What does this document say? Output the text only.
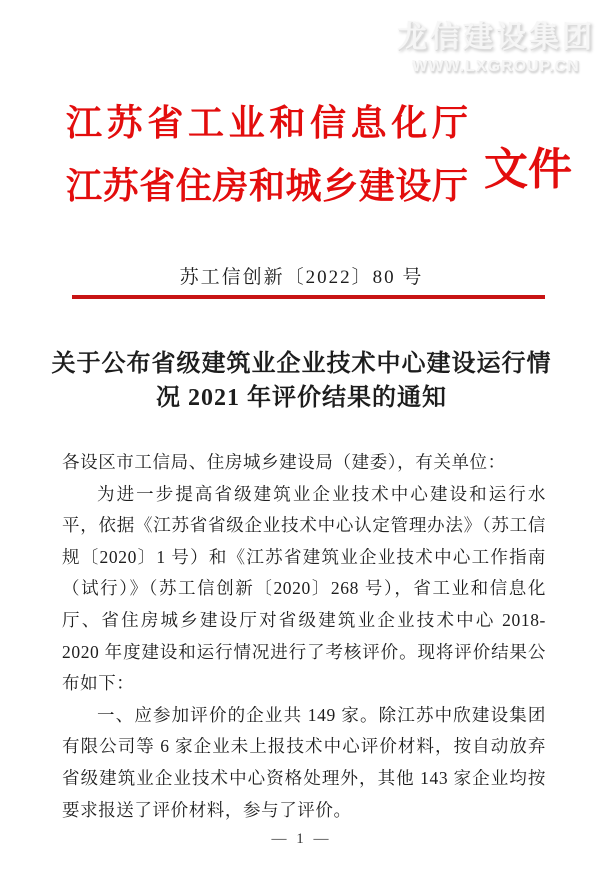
龙信建设集团
WWW.LXGROUP.CN
江苏省工业和信息化厅
江苏省住房和城乡建设厅 文件
苏工信创新〔2022〕80 号
关于公布省级建筑业企业技术中心建设运行情
况 2021 年评价结果的通知

各设区市工信局、住房城乡建设局（建委），有关单位：

为进一步提高省级建筑业企业技术中心建设和运行水平，依据《江苏省省级企业技术中心认定管理办法》（苏工信规〔2020〕1 号）和《江苏省建筑业企业技术中心工作指南（试行）》（苏工信创新〔2020〕268 号），省工业和信息化厅、省住房城乡建设厅对省级建筑业企业技术中心 2018-2020 年度建设和运行情况进行了考核评价。现将评价结果公布如下：

一、应参加评价的企业共 149 家。除江苏中欣建设集团有限公司等 6 家企业未上报技术中心评价材料，按自动放弃省级建筑业企业技术中心资格处理外，其他 143 家企业均按要求报送了评价材料，参与了评价。

— 1 —
